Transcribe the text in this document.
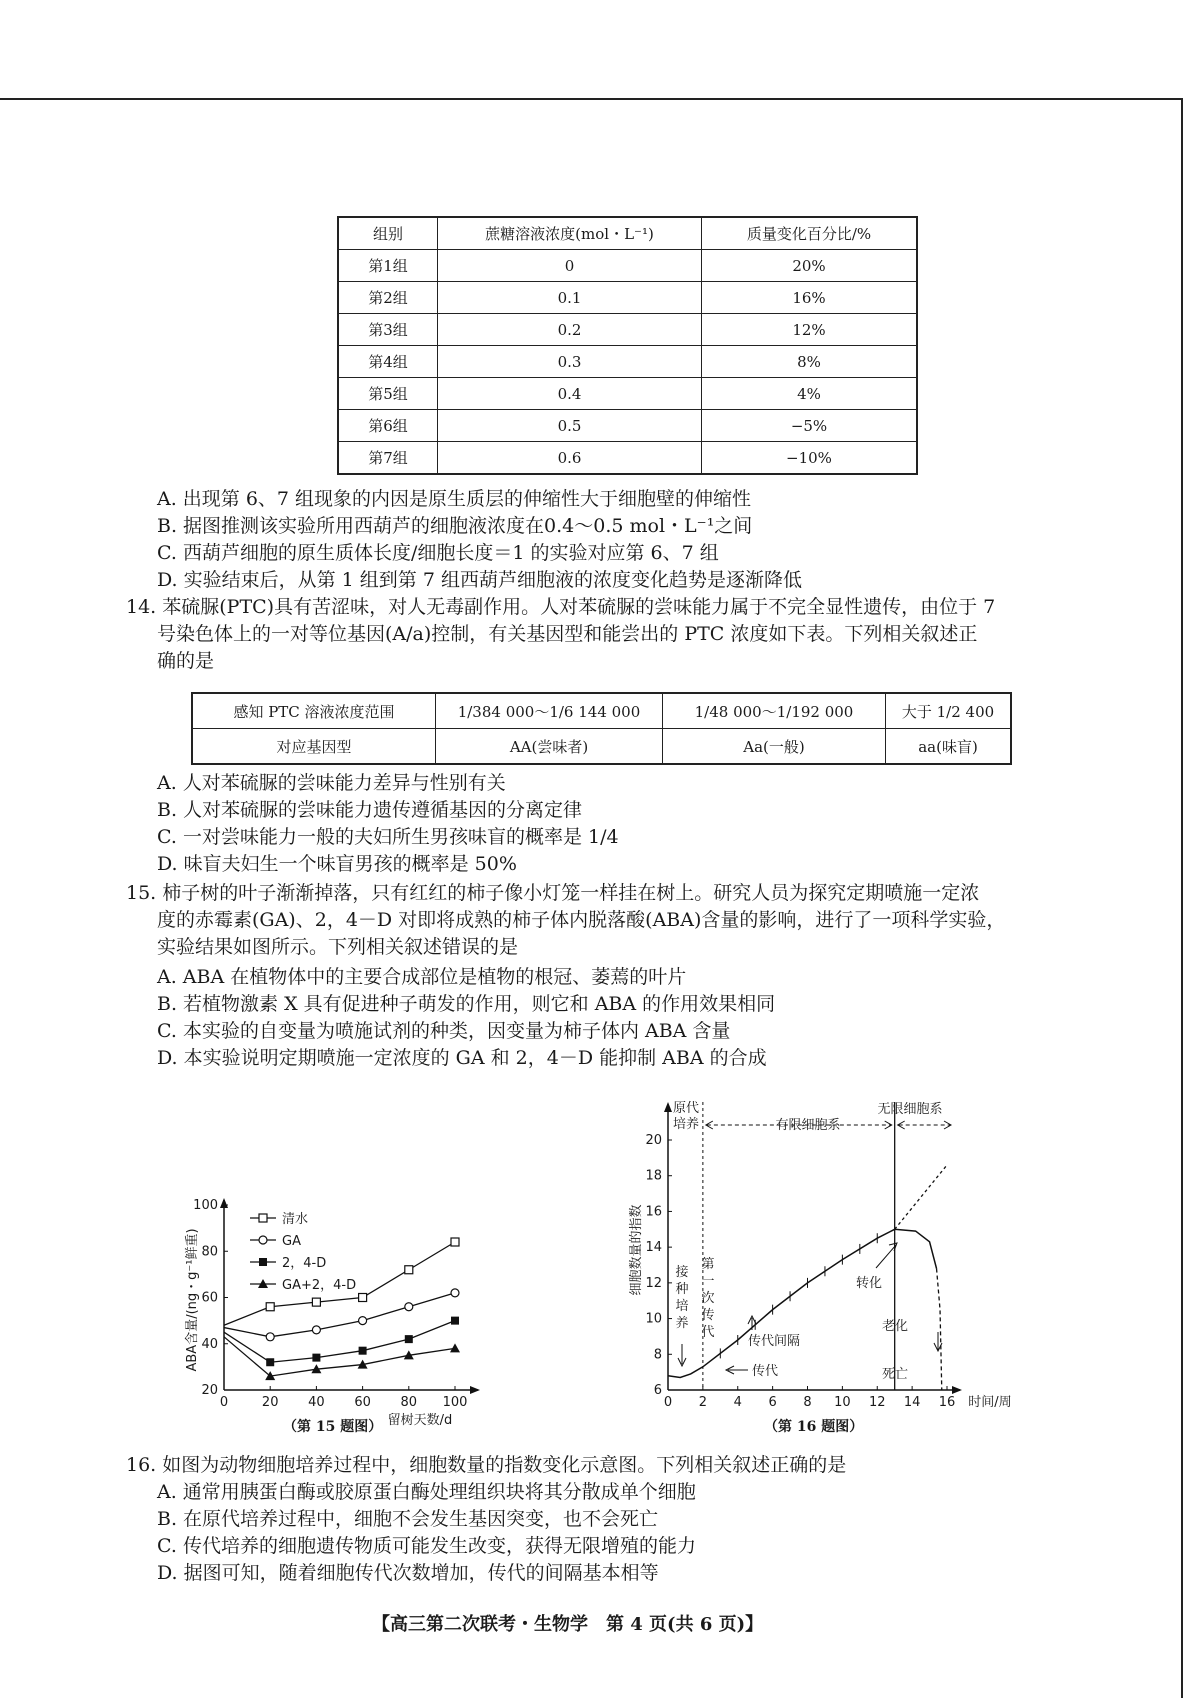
组别	蔗糖溶液浓度(mol・L⁻¹)	质量变化百分比/%
第1组	0	20%
第2组	0.1	16%
第3组	0.2	12%
第4组	0.3	8%
第5组	0.4	4%
第6组	0.5	−5%
第7组	0.6	−10%
A. 出现第 6、7 组现象的内因是原生质层的伸缩性大于细胞壁的伸缩性
B. 据图推测该实验所用西葫芦的细胞液浓度在0.4～0.5 mol・L⁻¹之间
C. 西葫芦细胞的原生质体长度/细胞长度＝1 的实验对应第 6、7 组
D. 实验结束后，从第 1 组到第 7 组西葫芦细胞液的浓度变化趋势是逐渐降低
14. 苯硫脲(PTC)具有苦涩味，对人无毒副作用。人对苯硫脲的尝味能力属于不完全显性遗传，由位于 7
号染色体上的一对等位基因(A/a)控制，有关基因型和能尝出的 PTC 浓度如下表。下列相关叙述正
确的是
感知 PTC 溶液浓度范围	1/384 000～1/6 144 000	1/48 000～1/192 000	大于 1/2 400
对应基因型	AA(尝味者)	Aa(一般)	aa(味盲)
A. 人对苯硫脲的尝味能力差异与性别有关
B. 人对苯硫脲的尝味能力遗传遵循基因的分离定律
C. 一对尝味能力一般的夫妇所生男孩味盲的概率是 1/4
D. 味盲夫妇生一个味盲男孩的概率是 50%
15. 柿子树的叶子渐渐掉落，只有红红的柿子像小灯笼一样挂在树上。研究人员为探究定期喷施一定浓
度的赤霉素(GA)、2，4－D 对即将成熟的柿子体内脱落酸(ABA)含量的影响，进行了一项科学实验，
实验结果如图所示。下列相关叙述错误的是
A. ABA 在植物体中的主要合成部位是植物的根冠、萎蔫的叶片
B. 若植物激素 X 具有促进种子萌发的作用，则它和 ABA 的作用效果相同
C. 本实验的自变量为喷施试剂的种类，因变量为柿子体内 ABA 含量
D. 本实验说明定期喷施一定浓度的 GA 和 2，4－D 能抑制 ABA 的合成
0	20 40 60 80 100
20
40
60
80
100
留树天数/d
ABA含量/(ng・g⁻¹鲜重)
清水
GA
2，4-D
GA+2，4-D
0 2 4 6 8 10 12 14 16
6
8
10
12
14
16
18
20
时间/周
细胞数量的指数
原代
培养	有限细胞系
无限细胞系
接
种
培
养
第
一
次
传
代
转化
老化
死亡
传代间隔
传代
（第 15 题图）	（第 16 题图）
16. 如图为动物细胞培养过程中，细胞数量的指数变化示意图。下列相关叙述正确的是
A. 通常用胰蛋白酶或胶原蛋白酶处理组织块将其分散成单个细胞
B. 在原代培养过程中，细胞不会发生基因突变，也不会死亡
C. 传代培养的细胞遗传物质可能发生改变，获得无限增殖的能力
D. 据图可知，随着细胞传代次数增加，传代的间隔基本相等
【高三第二次联考・生物学　第 4 页(共 6 页)】
